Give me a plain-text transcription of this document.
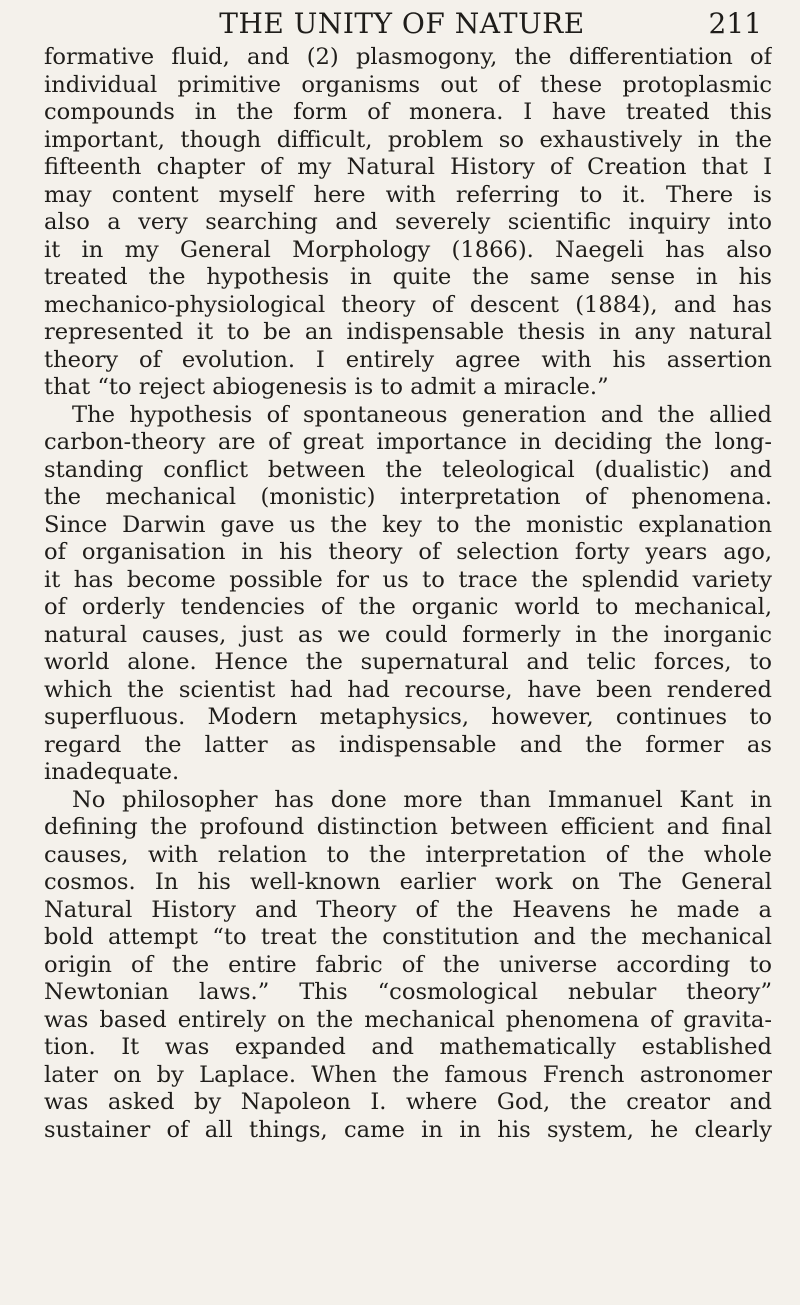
THE UNITY OF NATURE	211
formative fluid, and (2) plasmogony, the differentiation of
individual primitive organisms out of these protoplasmic
compounds in the form of monera. I have treated this
important, though difficult, problem so exhaustively in the
fifteenth chapter of my Natural History of Creation that I
may content myself here with referring to it. There is
also a very searching and severely scientific inquiry into
it in my General Morphology (1866). Naegeli has also
treated the hypothesis in quite the same sense in his
mechanico-physiological theory of descent (1884), and has
represented it to be an indispensable thesis in any natural
theory of evolution. I entirely agree with his assertion
that “to reject abiogenesis is to admit a miracle.”
The hypothesis of spontaneous generation and the allied
carbon-theory are of great importance in deciding the long-
standing conflict between the teleological (dualistic) and
the mechanical (monistic) interpretation of phenomena.
Since Darwin gave us the key to the monistic explanation
of organisation in his theory of selection forty years ago,
it has become possible for us to trace the splendid variety
of orderly tendencies of the organic world to mechanical,
natural causes, just as we could formerly in the inorganic
world alone. Hence the supernatural and telic forces, to
which the scientist had had recourse, have been rendered
superfluous. Modern metaphysics, however, continues to
regard the latter as indispensable and the former as
inadequate.
No philosopher has done more than Immanuel Kant in
defining the profound distinction between efficient and final
causes, with relation to the interpretation of the whole
cosmos. In his well-known earlier work on The General
Natural History and Theory of the Heavens he made a
bold attempt “to treat the constitution and the mechanical
origin of the entire fabric of the universe according to
Newtonian laws.” This “cosmological nebular theory”
was based entirely on the mechanical phenomena of gravita-
tion. It was expanded and mathematically established
later on by Laplace. When the famous French astronomer
was asked by Napoleon I. where God, the creator and
sustainer of all things, came in in his system, he clearly
